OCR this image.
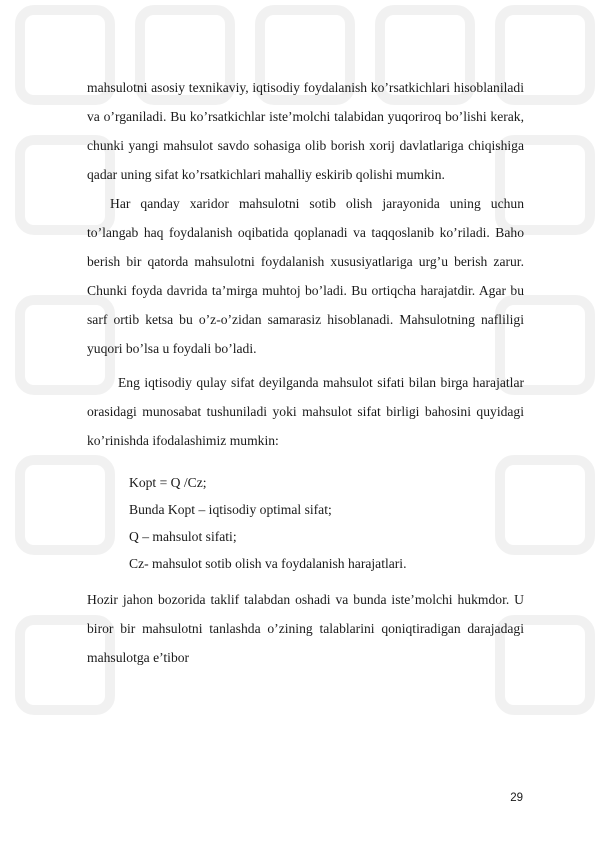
mahsulotni asosiy texnikaviy, iqtisodiy foydalanish ko’rsatkichlari hisoblaniladi va o’rganiladi. Bu ko’rsatkichlar iste’molchi talabidan yuqoriroq bo’lishi kerak, chunki yangi mahsulot savdo sohasiga olib borish xorij davlatlariga chiqishiga qadar uning sifat ko’rsatkichlari mahalliy eskirib qolishi mumkin.

Har qanday xaridor mahsulotni sotib olish jarayonida uning uchun to’langab haq foydalanish oqibatida qoplanadi va taqqoslanib ko’riladi. Baho berish bir qatorda mahsulotni foydalanish xususiyatlariga urg’u berish zarur. Chunki foyda davrida ta’mirga muhtoj bo’ladi. Bu ortiqcha harajatdir. Agar bu sarf ortib ketsa bu o’z-o’zidan samarasiz hisoblanadi. Mahsulotning nafliligi yuqori bo’lsa u foydali bo’ladi.

Eng iqtisodiy qulay sifat deyilganda mahsulot sifati bilan birga harajatlar orasidagi munosabat tushuniladi yoki mahsulot sifat birligi bahosini quyidagi ko’rinishda ifodalashimiz mumkin:

Kopt = Q /Cz;

Bunda Kopt – iqtisodiy optimal sifat;

Q – mahsulot sifati;

Cz- mahsulot sotib olish va foydalanish harajatlari.

Hozir jahon bozorida taklif talabdan oshadi va bunda iste’molchi hukmdor. U biror bir mahsulotni tanlashda o’zining talablarini qoniqtiradigan darajadagi mahsulotga e’tibor

29
